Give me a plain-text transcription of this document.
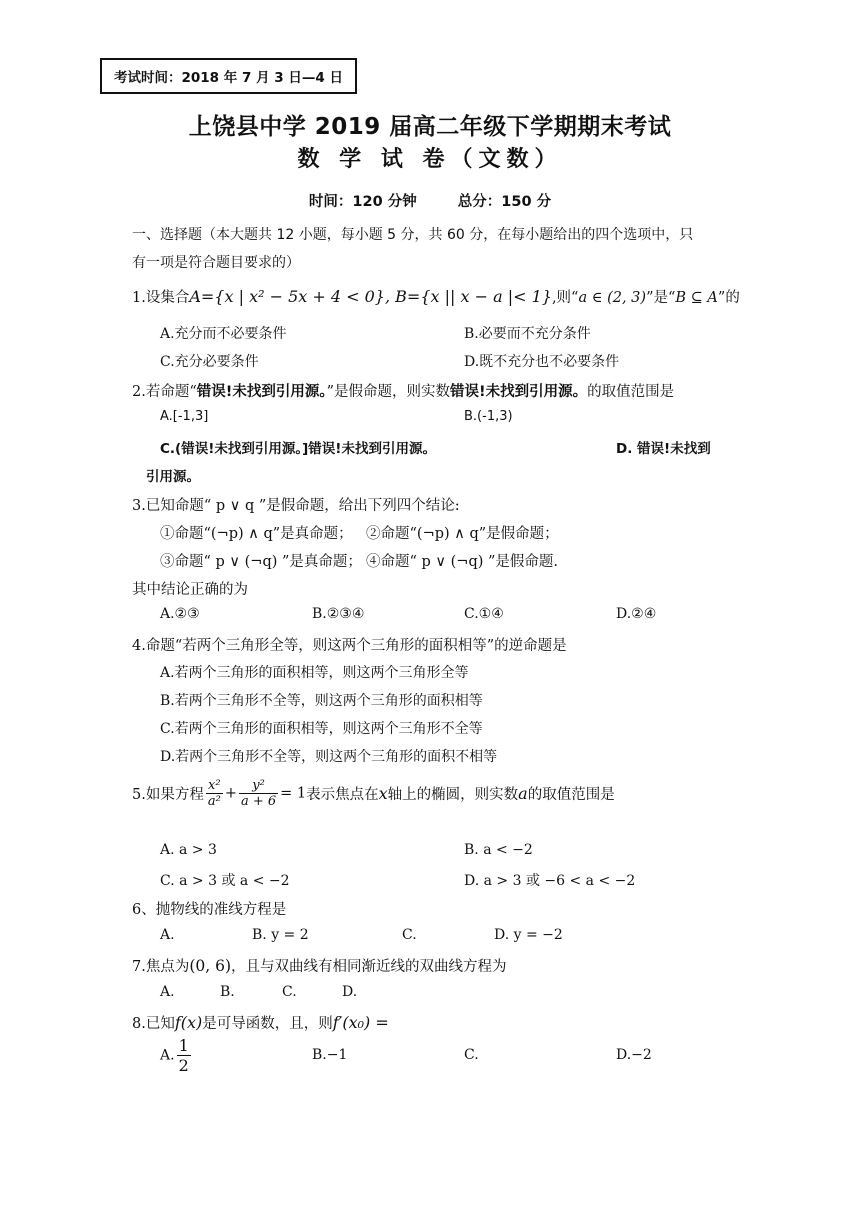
考试时间：2018 年 7 月 3 日—4 日
上饶县中学 2019 届高二年级下学期期末考试
数 学 试 卷（文数）
时间：120 分钟	总分：150 分
一、选择题（本大题共 12 小题，每小题 5 分，共 60 分，在每小题给出的四个选项中，只
有一项是符合题目要求的）
1.设集合A={x | x² − 5x + 4 < 0}, B={x || x − a |< 1},则“a ∈ (2, 3)”是“B ⊆ A”的
A.充分而不必要条件	B.必要而不充分条件
C.充分必要条件	D.既不充分也不必要条件
2.若命题“错误!未找到引用源。”是假命题，则实数错误!未找到引用源。的取值范围是
A.[-1,3]	B.(-1,3)
C.(错误!未找到引用源。]错误!未找到引用源。	D. 错误!未找到
引用源。
3.已知命题“ p ∨ q ”是假命题，给出下列四个结论:
①命题“(¬p) ∧ q”是真命题； ②命题“(¬p) ∧ q”是假命题；
③命题“ p ∨ (¬q) ”是真命题； ④命题“ p ∨ (¬q) ”是假命题.
其中结论正确的为
A.②③	B.②③④	C.①④	D.②④
4.命题“若两个三角形全等，则这两个三角形的面积相等”的逆命题是
A.若两个三角形的面积相等，则这两个三角形全等
B.若两个三角形不全等，则这两个三角形的面积相等
C.若两个三角形的面积相等，则这两个三角形不全等
D.若两个三角形不全等，则这两个三角形的面积不相等
5.如果方程 $\frac{\text{x²}}{\text{a²}} + \frac{\text{y²}}{a + 6} = 1$表示焦点在x轴上的椭圆，则实数a的取值范围是
A. a > 3	B. a < −2
C. a > 3 或 a < −2	D. a > 3 或 −6 < a < −2
6、抛物线的准线方程是
A.	B. y = 2	C.	D. y = −2
7.焦点为(0, 6)，且与双曲线有相同渐近线的双曲线方程为
A.	B.	C.	D.
8.已知f(x)是可导函数，且，则f′(x₀) =
A. $\frac{1}{2}$	B.−1	C.	D.−2
